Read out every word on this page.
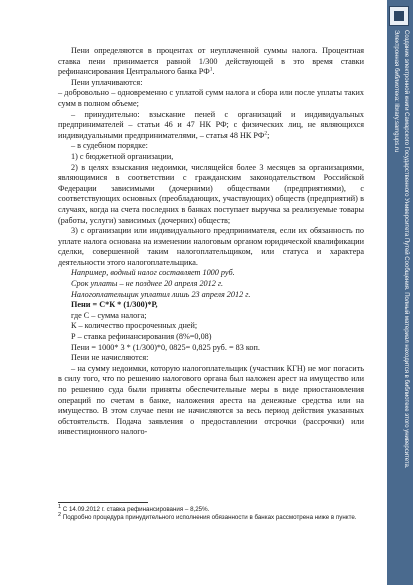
Создание электронной книги Самарского Государственного Университета Путей Сообщения. Полный материал находится в библиотеке этого университета.
Электронная библиотека: library.samgups.ru

Пени определяются в процентах от неуплаченной суммы налога. Процентная ставка пени принимается равной 1/300 действующей в это время ставки рефинансирования Центрального банка $РФ^1$.

Пени уплачиваются:

– добровольно – одновременно с уплатой сумм налога и сбора или после уплаты таких сумм в полном объеме;

– принудительно: взыскание пеней с организаций и индивидуальных предпринимателей – статьи 46 и 47 НК РФ; с физических лиц, не являющихся индивидуальными предпринимателями, – статья 48 НК $РФ^2$;

– в судебном порядке:

1) с бюджетной организации,

2) в целях взыскания недоимки, числящейся более 3 месяцев за организациями, являющимися в соответствии с гражданским законодательством Российской Федерации зависимыми (дочерними) обществами (предприятиями), с соответствующих основных (преобладающих, участвующих) обществ (предприятий) в случаях, когда на счета последних в банках поступает выручка за реализуемые товары (работы, услуги) зависимых (дочерних) обществ;

3) с организации или индивидуального предпринимателя, если их обязанность по уплате налога основана на изменении налоговым органом юридической квалификации сделки, совершенной таким налогоплательщиком, или статуса и характера деятельности этого налогоплательщика.

Например, водный налог составляет 1000 руб.

Срок уплаты – не позднее 20 апреля 2012 г.

Налогоплательщик уплатил лишь 23 апреля 2012 г.

Пени = С*К * (1/300)*Р,

где С – сумма налога;

К – количество просроченных дней;

Р – ставка рефинансирования (8%=0,08)

Пени = 1000* 3 * (1/300)*0, 0825= 0,825 руб. = 83 коп.

Пени не начисляются:

– на сумму недоимки, которую налогоплательщик (участник КГН) не мог погасить в силу того, что по решению налогового органа был наложен арест на имущество или по решению суда были приняты обеспечительные меры в виде приостановления операций по счетам в банке, наложения ареста на денежные средства или на имущество. В этом случае пени не начисляются за весь период действия указанных обстоятельств. Подача заявления о предоставлении отсрочки (рассрочки) или инвестиционного налого-

$^1$ С 14.09.2012 г. ставка рефинансирования – 8,25%.

$^2$ Подробно процедура принудительного исполнения обязанности в банках рассмотрена ниже в пункте.
